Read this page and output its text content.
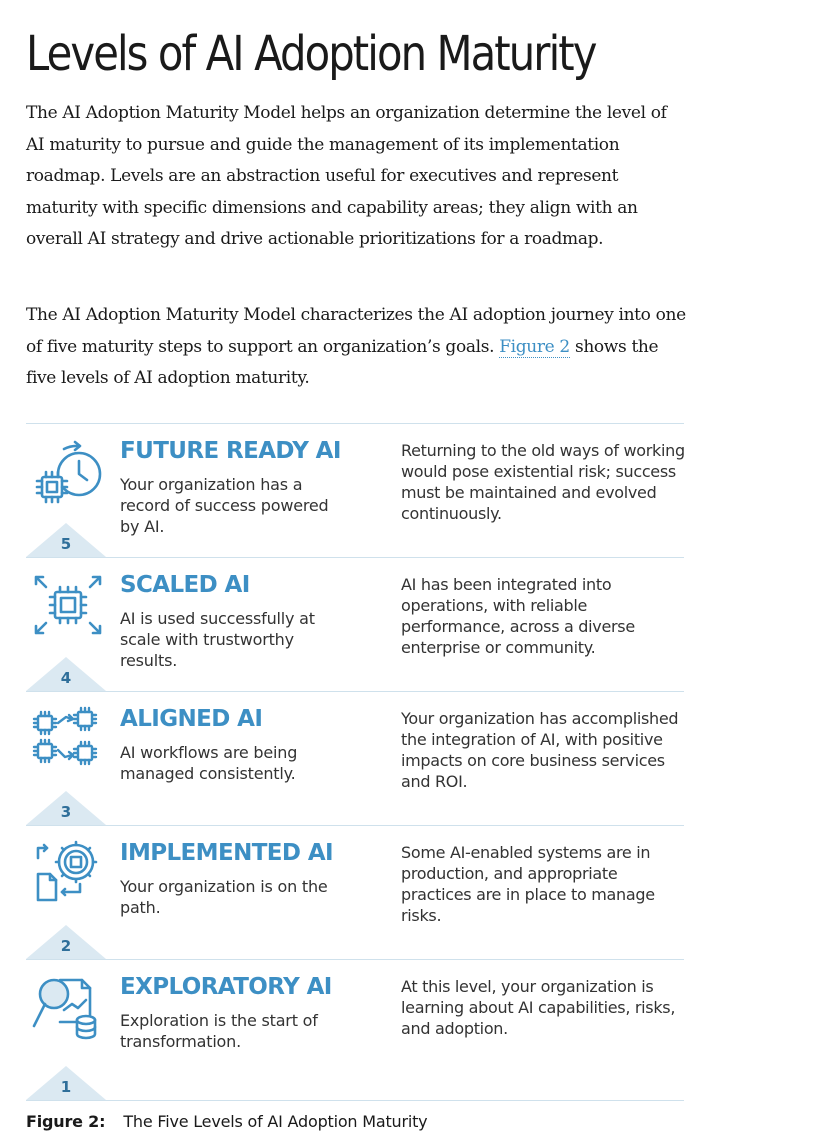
Levels of AI Adoption Maturity

The AI Adoption Maturity Model helps an organization determine the level of AI maturity to pursue and guide the management of its implementation roadmap. Levels are an abstraction useful for executives and represent maturity with specific dimensions and capability areas; they align with an overall AI strategy and drive actionable prioritizations for a roadmap.

The AI Adoption Maturity Model characterizes the AI adoption journey into one of five maturity steps to support an organization’s goals. Figure 2 shows the five levels of AI adoption maturity.

FUTURE READY AI
Your organization has a record of success powered by AI.
Returning to the old ways of working would pose existential risk; success must be maintained and evolved continuously.
5
SCALED AI
AI is used successfully at scale with trustworthy results.
AI has been integrated into operations, with reliable performance, across a diverse enterprise or community.
4
ALIGNED AI
AI workflows are being managed consistently.
Your organization has accomplished the integration of AI, with positive impacts on core business services and ROI.
3
IMPLEMENTED AI
Your organization is on the path.
Some AI-enabled systems are in production, and appropriate practices are in place to manage risks.
2
EXPLORATORY AI
Exploration is the start of transformation.
At this level, your organization is learning about AI capabilities, risks, and adoption.
1
Figure 2: The Five Levels of AI Adoption Maturity
